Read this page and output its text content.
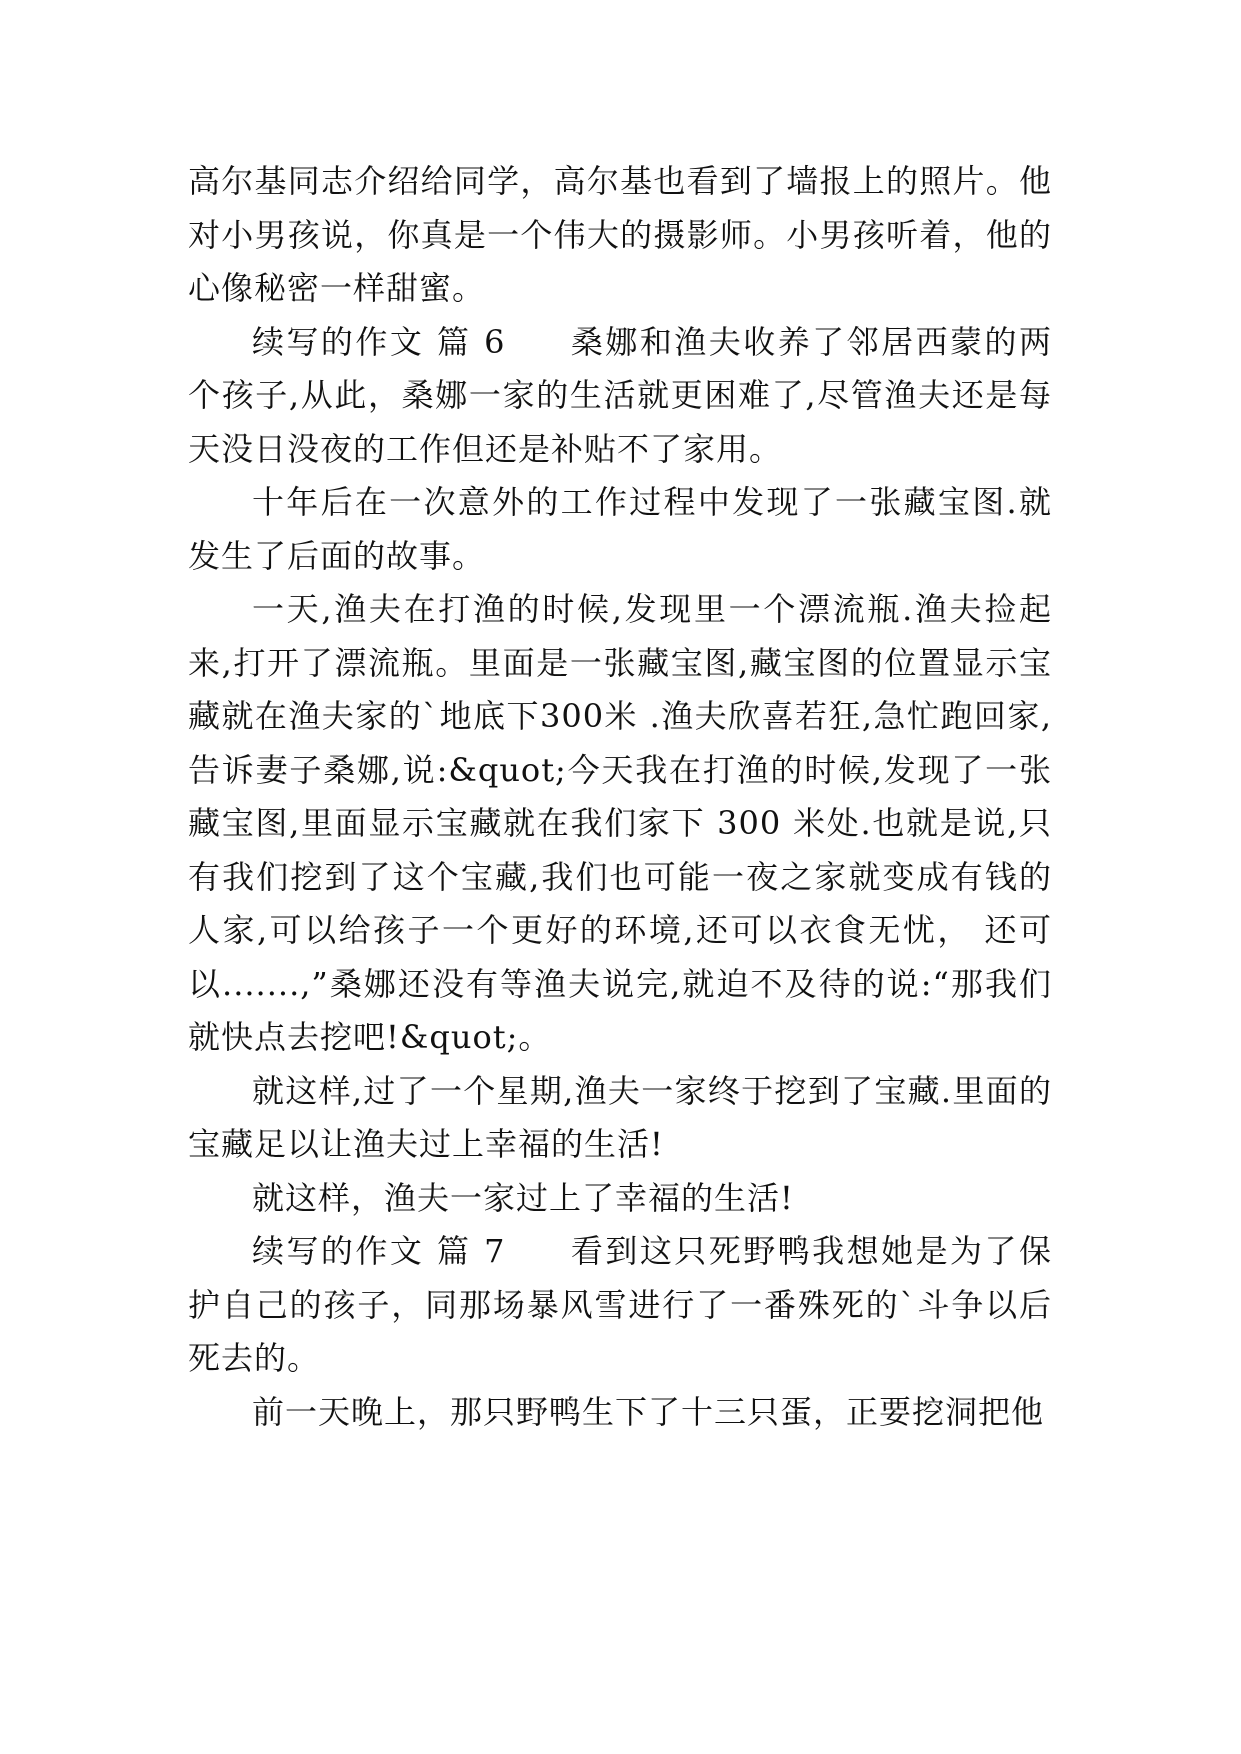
高尔基同志介绍给同学，高尔基也看到了墙报上的照片。他对小男孩说，你真是一个伟大的摄影师。小男孩听着，他的心像秘密一样甜蜜。

续写的作文 篇 6 桑娜和渔夫收养了邻居西蒙的两个孩子,从此，桑娜一家的生活就更困难了,尽管渔夫还是每天没日没夜的工作但还是补贴不了家用。

十年后在一次意外的工作过程中发现了一张藏宝图.就发生了后面的故事。

一天,渔夫在打渔的时候,发现里一个漂流瓶.渔夫捡起来,打开了漂流瓶。里面是一张藏宝图,藏宝图的位置显示宝藏就在渔夫家的`地底下300米 .渔夫欣喜若狂,急忙跑回家,告诉妻子桑娜,说:&quot;今天我在打渔的时候,发现了一张藏宝图,里面显示宝藏就在我们家下 300 米处.也就是说,只有我们挖到了这个宝藏,我们也可能一夜之家就变成有钱的人家,可以给孩子一个更好的环境,还可以衣食无忧， 还可以.......,”桑娜还没有等渔夫说完,就迫不及待的说:“那我们就快点去挖吧!&quot;。

就这样,过了一个星期,渔夫一家终于挖到了宝藏.里面的宝藏足以让渔夫过上幸福的生活!

就这样，渔夫一家过上了幸福的生活!

续写的作文 篇 7 看到这只死野鸭我想她是为了保护自己的孩子，同那场暴风雪进行了一番殊死的`斗争以后死去的。

前一天晚上，那只野鸭生下了十三只蛋，正要挖洞把他
